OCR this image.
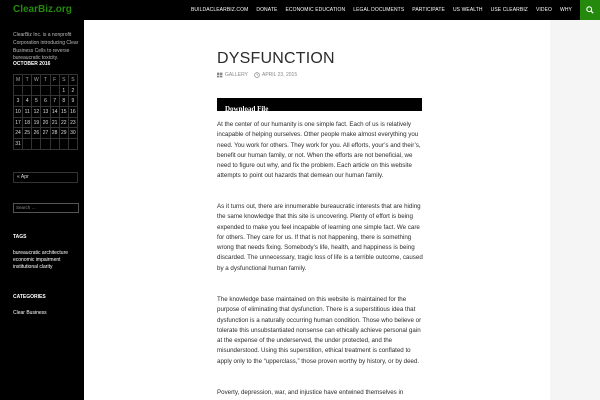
ClearBiz.org	BUILDACLEARBIZ.COM DONATE ECONOMIC EDUCATION LEGAL DOCUMENTS PARTICIPATE US WEALTH USE CLEARBIZ VIDEO WHY
ClearBiz Inc. is a nonprofit Corporation introducing Clear Business Cells to reverse bureaucratic toxicity.
OCTOBER 2016
M	T	W	T	F	S	S
					1	2
3	4	5	6	7	8	9
10	11	12	13	14	15	16
17	18	19	20	21	22	23
24	25	26	27	28	29	30
31						
« Apr
Search …
TAGS
bureaucratic architecture
economic impairment
institutional clarity
CATEGORIES
Clear Business
DYSFUNCTION
GALLERY	APRIL 23, 2015
Download File

At the center of our humanity is one simple fact. Each of us is relatively incapable of helping ourselves. Other people make almost everything you need. You work for others. They work for you. All efforts, your’s and their’s, benefit our human family, or not. When the efforts are not beneficial, we need to figure out why, and fix the problem. Each article on this website attempts to point out hazards that demean our human family.

As it turns out, there are innumerable bureaucratic interests that are hiding the same knowledge that this site is uncovering. Plenty of effort is being expended to make you feel incapable of learning one simple fact. We care for others. They care for us. If that is not happening, there is something wrong that needs fixing. Somebody’s life, health, and happiness is being discarded. The unnecessary, tragic loss of life is a terrible outcome, caused by a dysfunctional human family.

The knowledge base maintained on this website is maintained for the purpose of eliminating that dysfunction. There is a superstitious idea that dysfunction is a naturally occurring human condition. Those who believe or tolerate this unsubstantiated nonsense can ethically achieve personal gain at the expense of the underserved, the under protected, and the misunderstood. Using this superstition, ethical treatment is conflated to apply only to the “upperclass,” those proven worthy by history, or by deed.

Poverty, depression, war, and injustice have entwined themselves in
